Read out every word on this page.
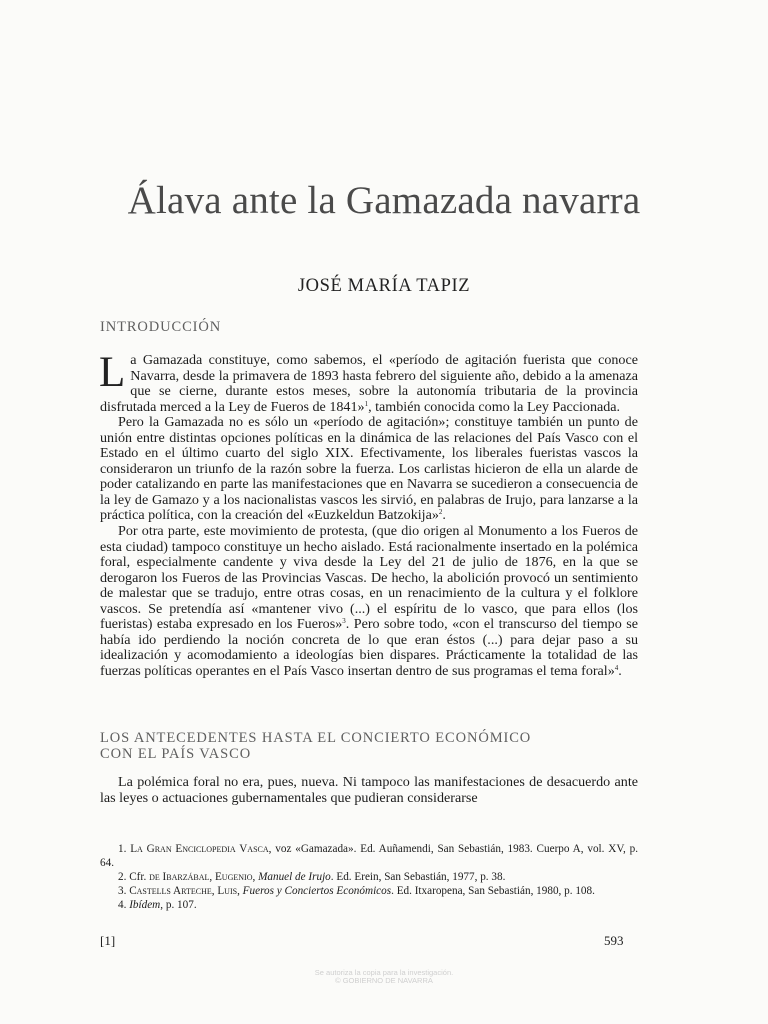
Álava ante la Gamazada navarra
JOSÉ MARÍA TAPIZ
INTRODUCCIÓN

La Gamazada constituye, como sabemos, el «período de agitación fuerista que conoce Navarra, desde la primavera de 1893 hasta febrero del siguiente año, debido a la amenaza que se cierne, durante estos meses, sobre la autonomía tributaria de la provincia disfrutada merced a la Ley de Fueros de 1841»$^1$, también conocida como la Ley Paccionada.

Pero la Gamazada no es sólo un «período de agitación»; constituye también un punto de unión entre distintas opciones políticas en la dinámica de las relaciones del País Vasco con el Estado en el último cuarto del siglo XIX. Efectivamente, los liberales fueristas vascos la consideraron un triunfo de la razón sobre la fuerza. Los carlistas hicieron de ella un alarde de poder catalizando en parte las manifestaciones que en Navarra se sucedieron a consecuencia de la ley de Gamazo y a los nacionalistas vascos les sirvió, en palabras de Irujo, para lanzarse a la práctica política, con la creación del «Euzkeldun Batzokija»$^2$.

Por otra parte, este movimiento de protesta, (que dio origen al Monumento a los Fueros de esta ciudad) tampoco constituye un hecho aislado. Está racionalmente insertado en la polémica foral, especialmente candente y viva desde la Ley del 21 de julio de 1876, en la que se derogaron los Fueros de las Provincias Vascas. De hecho, la abolición provocó un sentimiento de malestar que se tradujo, entre otras cosas, en un renacimiento de la cultura y el folklore vascos. Se pretendía así «mantener vivo (...) el espíritu de lo vasco, que para ellos (los fueristas) estaba expresado en los Fueros»$^3$. Pero sobre todo, «con el transcurso del tiempo se había ido perdiendo la noción concreta de lo que eran éstos (...) para dejar paso a su idealización y acomodamiento a ideologías bien dispares. Prácticamente la totalidad de las fuerzas políticas operantes en el País Vasco insertan dentro de sus programas el tema foral»$^4$.

LOS ANTECEDENTES HASTA EL CONCIERTO ECONÓMICO CON EL PAÍS VASCO

La polémica foral no era, pues, nueva. Ni tampoco las manifestaciones de desacuerdo ante las leyes o actuaciones gubernamentales que pudieran considerarse

1. La Gran Enciclopedia Vasca, voz «Gamazada». Ed. Auñamendi, San Sebastián, 1983. Cuerpo A, vol. XV, p. 64.

2. Cfr. de Ibarzábal, Eugenio, Manuel de Irujo. Ed. Erein, San Sebastián, 1977, p. 38.

3. Castells Arteche, Luis, Fueros y Conciertos Económicos. Ed. Itxaropena, San Sebastián, 1980, p. 108.

4. Ibídem, p. 107.

[1]	593
Se autoriza la copia para la investigación.
© GOBIERNO DE NAVARRA
